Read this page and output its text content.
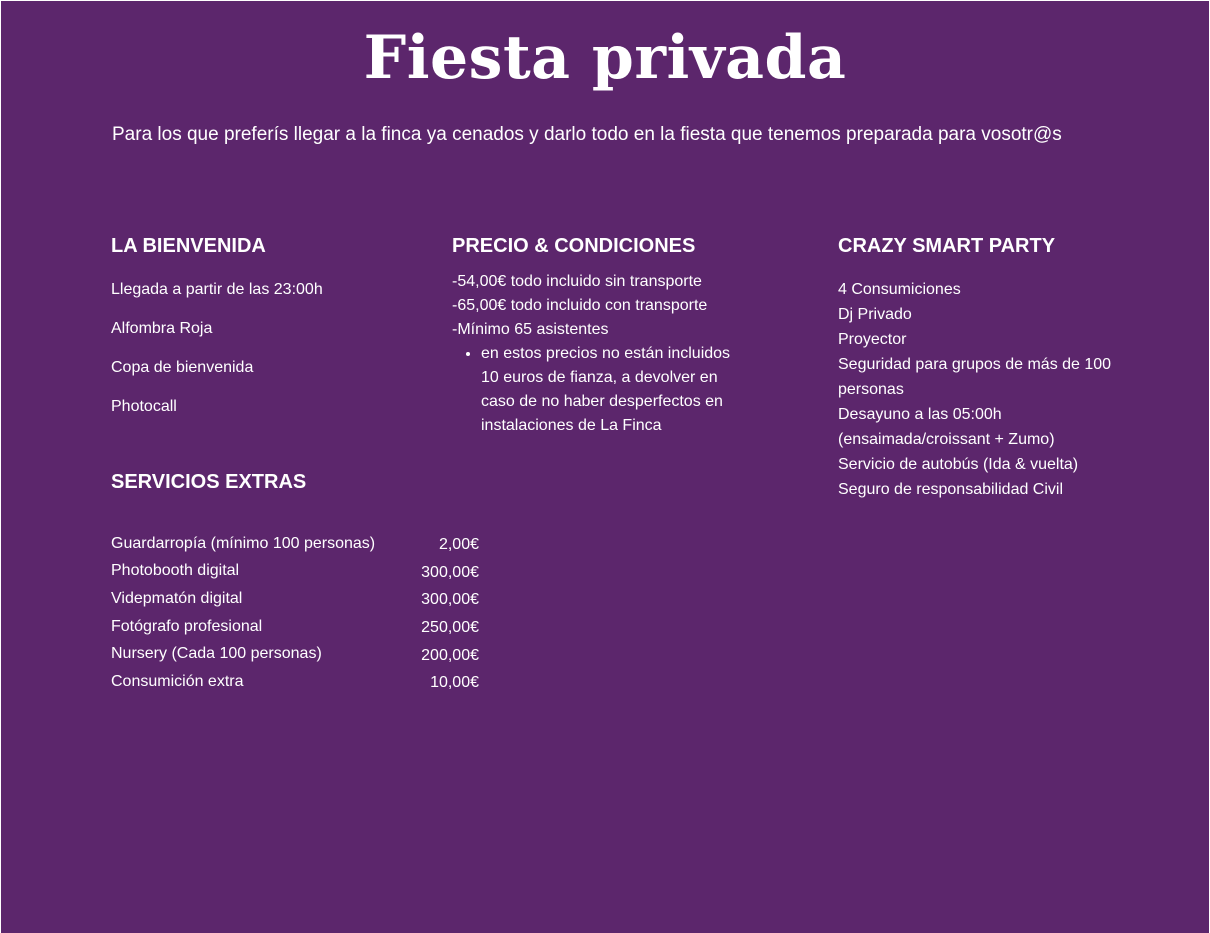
Fiesta privada

Para los que preferís llegar a la finca ya cenados y darlo todo en la fiesta que tenemos preparada para vosotr@s

LA BIENVENIDA
Llegada a partir de las 23:00h
Alfombra Roja
Copa de bienvenida
Photocall
PRECIO & CONDICIONES

-54,00€ todo incluido sin transporte

-65,00€ todo incluido con transporte

-Mínimo 65 asistentes

• en estos precios no están incluidos 10 euros de fianza, a devolver en caso de no haber desperfectos en instalaciones de La Finca
CRAZY SMART PARTY
4 Consumiciones
Dj Privado
Proyector
Seguridad para grupos de más de 100 personas
Desayuno a las 05:00h (ensaimada/croissant + Zumo)
Servicio de autobús (Ida & vuelta)
Seguro de responsabilidad Civil
SERVICIOS EXTRAS
Guardarropía (mínimo 100 personas)	2,00€
Photobooth digital	300,00€
Videpmatón digital	300,00€
Fotógrafo profesional	250,00€
Nursery (Cada 100 personas)	200,00€
Consumición extra	10,00€
